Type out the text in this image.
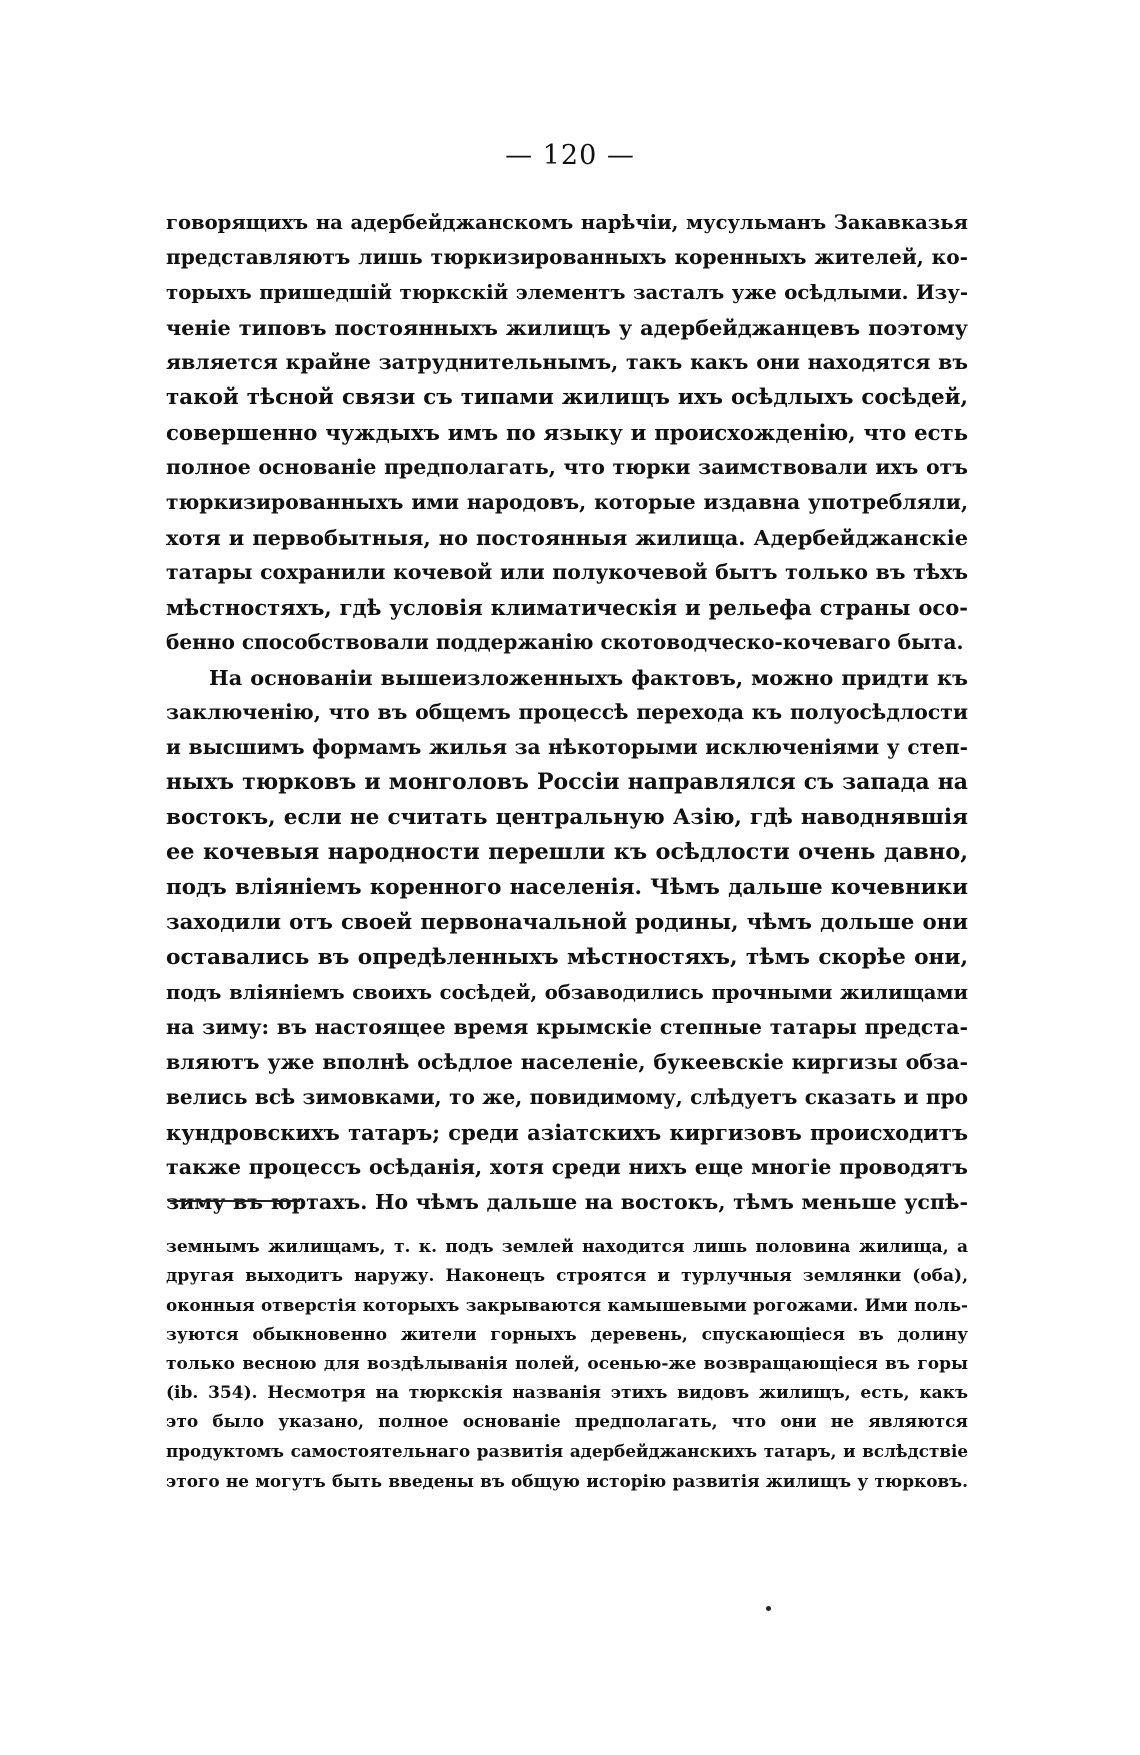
— 120 —
говорящихъ на адербейджанскомъ нарѣчіи, мусульманъ Закавказья
представляютъ лишь тюркизированныхъ коренныхъ жителей, ко-
торыхъ пришедшій тюркскій элементъ засталъ уже осѣдлыми. Изу-
ченіе типовъ постоянныхъ жилищъ у адербейджанцевъ поэтому
является крайне затруднительнымъ, такъ какъ они находятся въ
такой тѣсной связи съ типами жилищъ ихъ осѣдлыхъ сосѣдей,
совершенно чуждыхъ имъ по языку и происхожденію, что есть
полное основаніе предполагать, что тюрки заимствовали ихъ отъ
тюркизированныхъ ими народовъ, которые издавна употребляли,
хотя и первобытныя, но постоянныя жилища. Адербейджанскіе
татары сохранили кочевой или полукочевой бытъ только въ тѣхъ
мѣстностяхъ, гдѣ условія климатическія и рельефа страны осо-
бенно способствовали поддержанію скотоводческо-кочеваго быта.
На основаніи вышеизложенныхъ фактовъ, можно придти къ
заключенію, что въ общемъ процессѣ перехода къ полуосѣдлости
и высшимъ формамъ жилья за нѣкоторыми исключеніями у степ-
ныхъ тюрковъ и монголовъ Россіи направлялся съ запада на
востокъ, если не считать центральную Азію, гдѣ наводнявшія
ее кочевыя народности перешли къ осѣдлости очень давно,
подъ вліяніемъ коренного населенія. Чѣмъ дальше кочевники
заходили отъ своей первоначальной родины, чѣмъ дольше они
оставались въ опредѣленныхъ мѣстностяхъ, тѣмъ скорѣе они,
подъ вліяніемъ своихъ сосѣдей, обзаводились прочными жилищами
на зиму: въ настоящее время крымскіе степные татары предста-
вляютъ уже вполнѣ осѣдлое населеніе, букеевскіе киргизы обза-
велись всѣ зимовками, то же, повидимому, слѣдуетъ сказать и про
кундровскихъ татаръ; среди азіатскихъ киргизовъ происходитъ
также процессъ осѣданія, хотя среди нихъ еще многіе проводятъ
зиму въ юртахъ. Но чѣмъ дальше на востокъ, тѣмъ меньше успѣ-
земнымъ жилищамъ, т. к. подъ землей находится лишь половина жилища, а
другая выходитъ наружу. Наконецъ строятся и турлучныя землянки (оба),
оконныя отверстія которыхъ закрываются камышевыми рогожами. Ими поль-
зуются обыкновенно жители горныхъ деревень, спускающіеся въ долину
только весною для воздѣлыванія полей, осенью-же возвращающіеся въ горы
(ib. 354). Несмотря на тюркскія названія этихъ видовъ жилищъ, есть, какъ
это было указано, полное основаніе предполагать, что они не являются
продуктомъ самостоятельнаго развитія адербейджанскихъ татаръ, и вслѣдствіе
этого не могутъ быть введены въ общую исторію развитія жилищъ у тюрковъ.
